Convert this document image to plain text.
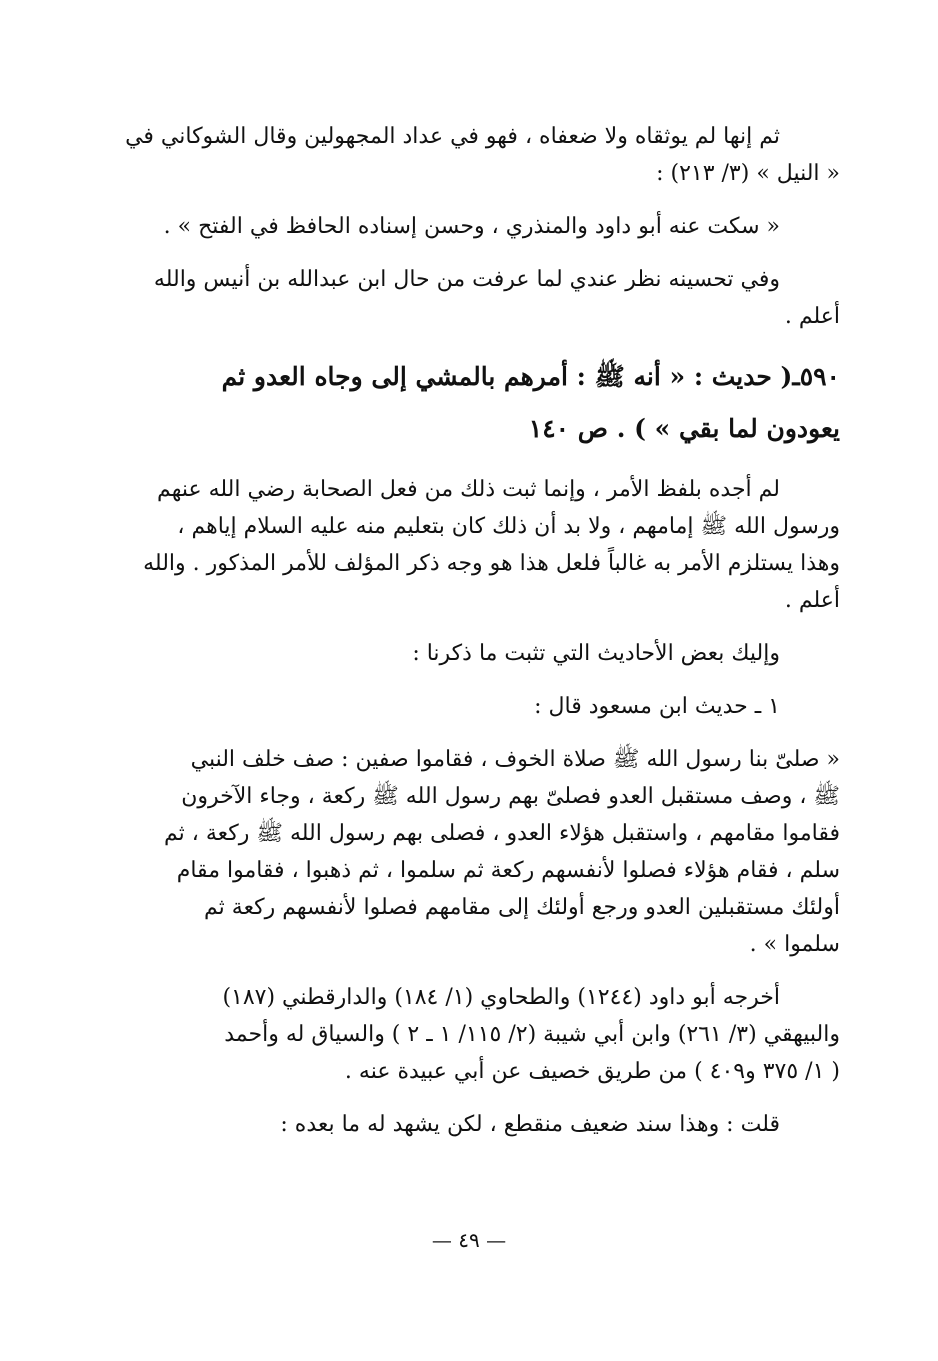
ثم إنها لم يوثقاه ولا ضعفاه ، فهو في عداد المجهولين وقال الشوكاني في
« النيل » (٣/ ٢١٣) :
« سكت عنه أبو داود والمنذري ، وحسن إسناده الحافظ في الفتح » .
وفي تحسينه نظر عندي لما عرفت من حال ابن عبدالله بن أنيس والله
أعلم .
٥٩٠ـ( حديث : « أنه ﷺ : أمرهم بالمشي إلى وجاه العدو ثم
يعودون لما بقي » ) . ص ١٤٠
لم أجده بلفظ الأمر ، وإنما ثبت ذلك من فعل الصحابة رضي الله عنهم
ورسول الله ﷺ إمامهم ، ولا بد أن ذلك كان بتعليم منه عليه السلام إياهم ،
وهذا يستلزم الأمر به غالباً فلعل هذا هو وجه ذكر المؤلف للأمر المذكور . والله
أعلم .
وإليك بعض الأحاديث التي تثبت ما ذكرنا :
١ ـ حديث ابن مسعود قال :
« صلىّ بنا رسول الله ﷺ صلاة الخوف ، فقاموا صفين : صف خلف النبي
ﷺ ، وصف مستقبل العدو فصلىّ بهم رسول الله ﷺ ركعة ، وجاء الآخرون
فقاموا مقامهم ، واستقبل هؤلاء العدو ، فصلى بهم رسول الله ﷺ ركعة ، ثم
سلم ، فقام هؤلاء فصلوا لأنفسهم ركعة ثم سلموا ، ثم ذهبوا ، فقاموا مقام
أولئك مستقبلين العدو ورجع أولئك إلى مقامهم فصلوا لأنفسهم ركعة ثم
سلموا » .
أخرجه أبو داود (١٢٤٤) والطحاوي (١/ ١٨٤) والدارقطني (١٨٧)
والبيهقي (٣/ ٢٦١) وابن أبي شيبة (٢/ ١١٥/ ١ ـ ٢ ) والسياق له وأحمد
( ١/ ٣٧٥ و٤٠٩ ) من طريق خصيف عن أبي عبيدة عنه .
قلت : وهذا سند ضعيف منقطع ، لكن يشهد له ما بعده :
— ٤٩ —
